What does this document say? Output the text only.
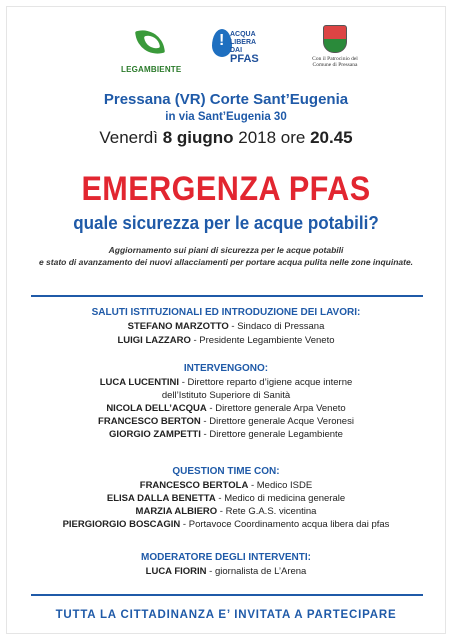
LEGAMBIENTE
!
ACQUA
LIBERA DAI
PFAS	Con il Patrocinio del Comune di Pressana
Pressana (VR) Corte Sant’Eugenia
in via Sant’Eugenia 30
Venerdì 8 giugno 2018 ore 20.45
EMERGENZA PFAS
quale sicurezza per le acque potabili?
Aggiornamento sui piani di sicurezza per le acque potabili
e stato di avanzamento dei nuovi allacciamenti per portare acqua pulita nelle zone inquinate.
SALUTI ISTITUZIONALI ED INTRODUZIONE DEI LAVORI:
STEFANO MARZOTTO - Sindaco di Pressana
LUIGI LAZZARO - Presidente Legambiente Veneto
INTERVENGONO:
LUCA LUCENTINI - Direttore reparto d’igiene acque interne
dell’Istituto Superiore di Sanità
NICOLA DELL’ACQUA - Direttore generale Arpa Veneto
FRANCESCO BERTON - Direttore generale Acque Veronesi
GIORGIO ZAMPETTI - Direttore generale Legambiente
QUESTION TIME CON:
FRANCESCO BERTOLA - Medico ISDE
ELISA DALLA BENETTA - Medico di medicina generale
MARZIA ALBIERO - Rete G.A.S. vicentina
PIERGIORGIO BOSCAGIN - Portavoce Coordinamento acqua libera dai pfas
MODERATORE DEGLI INTERVENTI:
LUCA FIORIN - giornalista de L’Arena
TUTTA LA CITTADINANZA E’ INVITATA A PARTECIPARE
